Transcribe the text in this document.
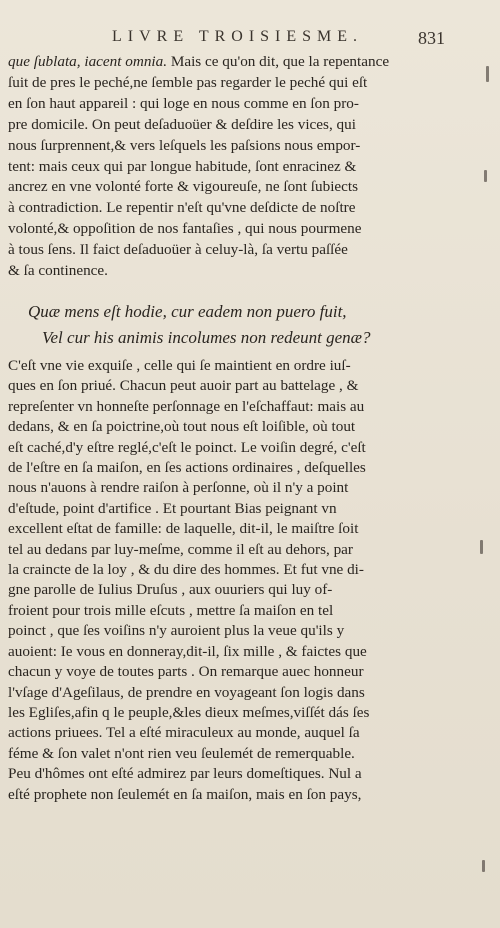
LIVRE TROISIESME.	831
que ſublata, iacent omnia. Mais ce qu'on dit, que la repentance
ſuit de pres le peché,ne ſemble pas regarder le peché qui eſt
en ſon haut appareil : qui loge en nous comme en ſon pro-
pre domicile. On peut deſaduoüer & deſdire les vices, qui
nous ſurprennent,& vers leſquels les paſsions nous empor-
tent: mais ceux qui par longue habitude, ſont enracinez &
ancrez en vne volonté forte & vigoureuſe, ne ſont ſubiects
à contradiction. Le repentir n'eſt qu'vne deſdicte de noſtre
volonté,& oppoſition de nos fantaſies , qui nous pourmene
à tous ſens. Il faict deſaduoüer à celuy-là, ſa vertu paſſée
& ſa continence.
Quæ mens eſt hodie, cur eadem non puero fuit,
Vel cur his animis incolumes non redeunt genæ?
C'eſt vne vie exquiſe , celle qui ſe maintient en ordre iuſ-
ques en ſon priué. Chacun peut auoir part au battelage , &
repreſenter vn honneſte perſonnage en l'eſchaffaut: mais au
dedans, & en ſa poictrine,où tout nous eſt loiſible, où tout
eſt caché,d'y eſtre reglé,c'eſt le poinct. Le voiſin degré, c'eſt
de l'eſtre en ſa maiſon, en ſes actions ordinaires , deſquelles
nous n'auons à rendre raiſon à perſonne, où il n'y a point
d'eſtude, point d'artifice . Et pourtant Bias peignant vn
excellent eſtat de famille: de laquelle, dit-il, le maiſtre ſoit
tel au dedans par luy-meſme, comme il eſt au dehors, par
la craincte de la loy , & du dire des hommes. Et fut vne di-
gne parolle de Iulius Druſus , aux ouuriers qui luy of-
froient pour trois mille eſcuts , mettre ſa maiſon en tel
poinct , que ſes voiſins n'y auroient plus la veue qu'ils y
auoient: Ie vous en donneray,dit-il, ſix mille , & faictes que
chacun y voye de toutes parts . On remarque auec honneur
l'vſage d'Ageſilaus, de prendre en voyageant ſon logis dans
les Egliſes,afin q le peuple,&les dieux meſmes,viſſét dás ſes
actions priuees. Tel a eſté miraculeux au monde, auquel ſa
féme & ſon valet n'ont rien veu ſeulemét de remerquable.
Peu d'hômes ont eſté admirez par leurs domeſtiques. Nul a
eſté prophete non ſeulemét en ſa maiſon, mais en ſon pays,
